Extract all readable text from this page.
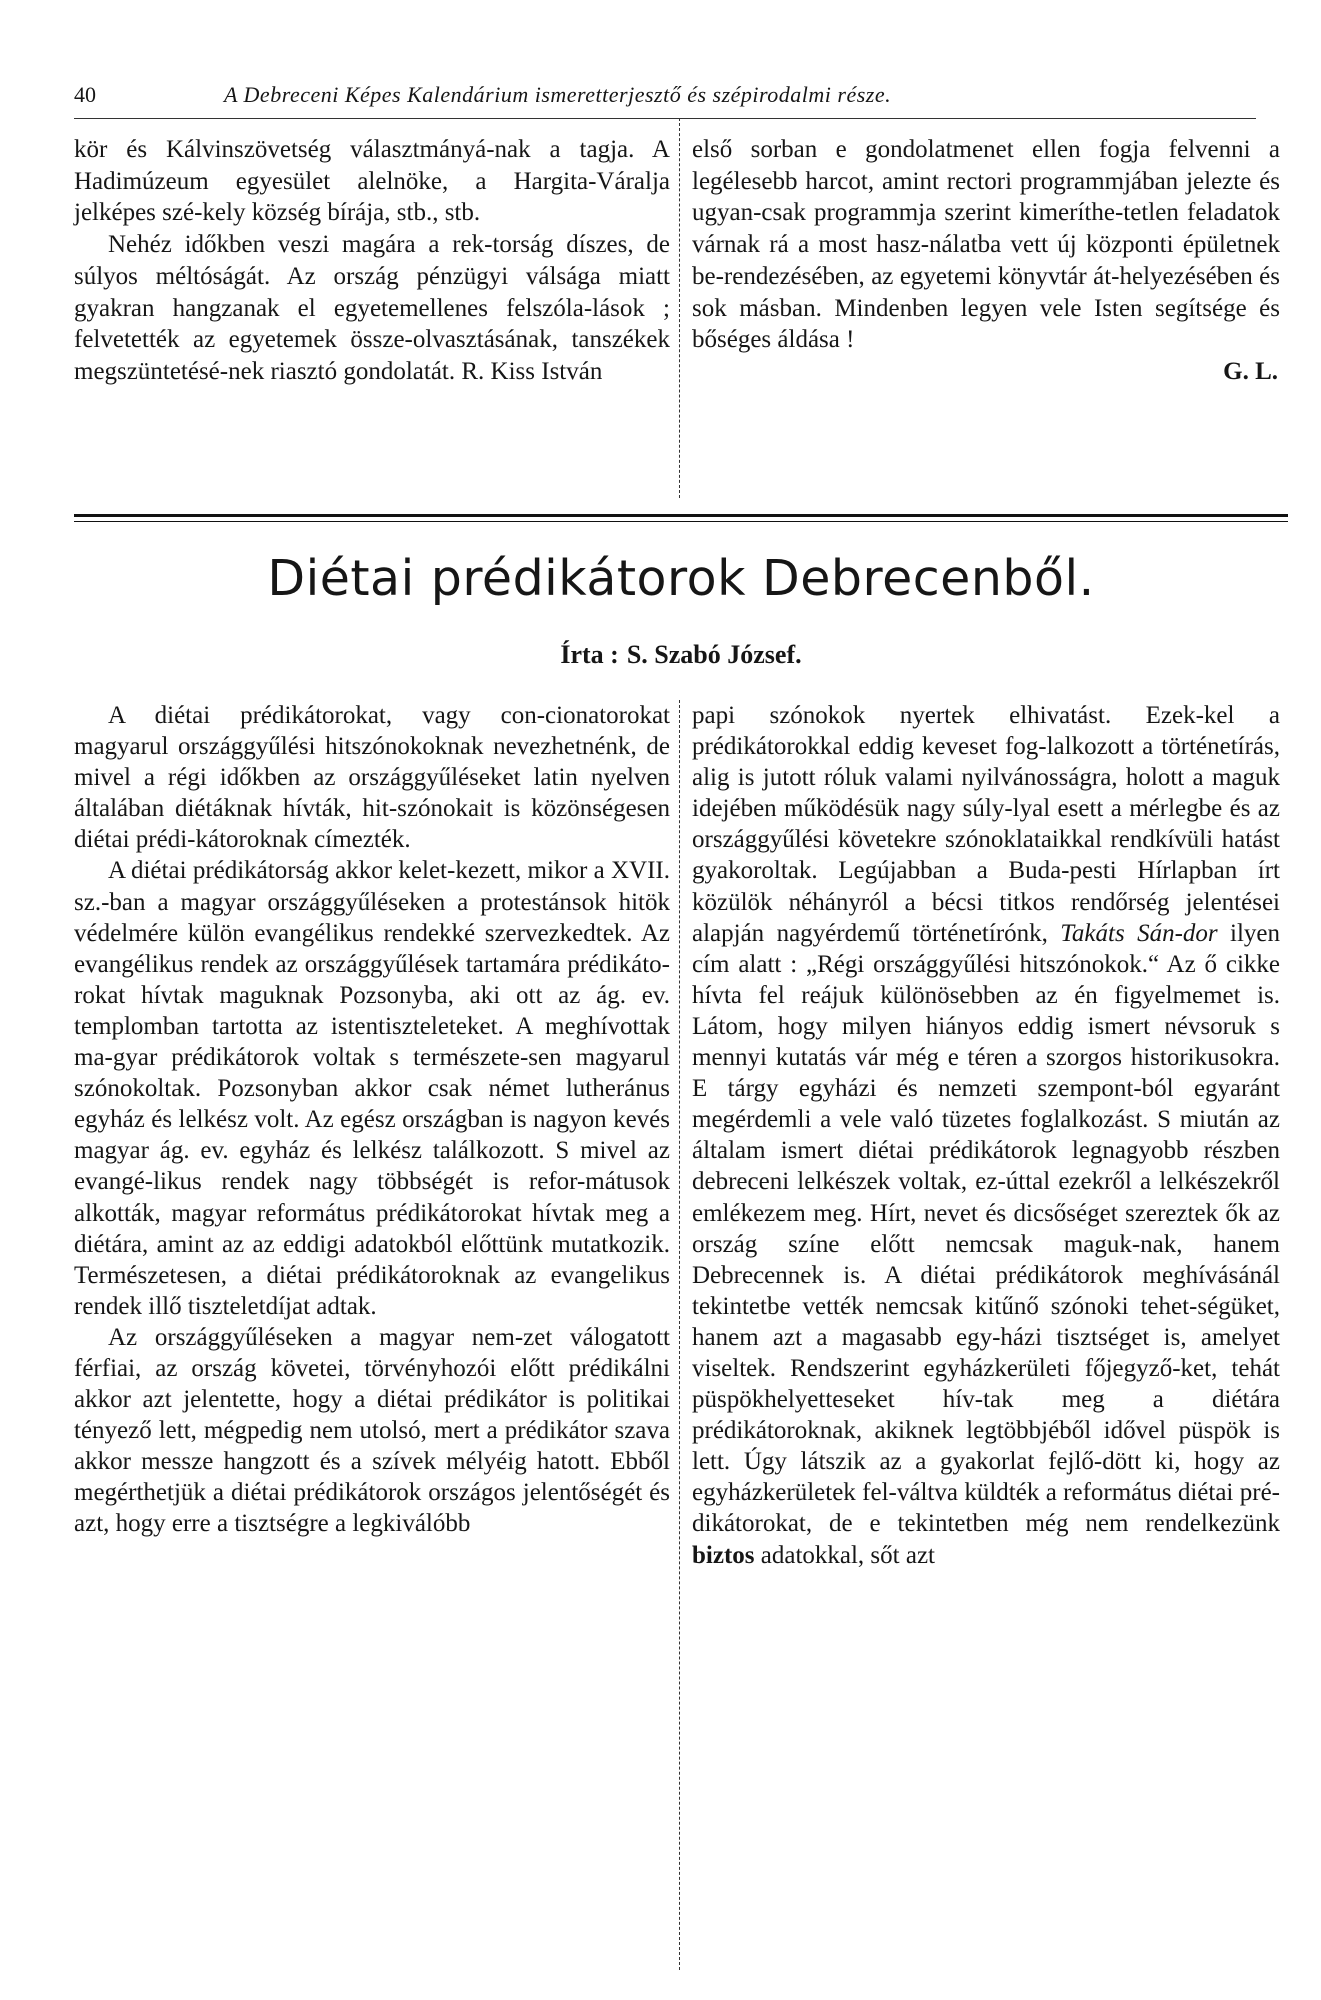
40	A Debreceni Képes Kalendárium ismeretterjesztő és szépirodalmi része.

kör és Kálvinszövetség választmányá-nak a tagja. A Hadimúzeum egyesület alelnöke, a Hargita-Váralja jelképes szé-kely község bírája, stb., stb.

Nehéz időkben veszi magára a rek-torság díszes, de súlyos méltóságát. Az ország pénzügyi válsága miatt gyakran hangzanak el egyetemellenes felszóla-lások ; felvetették az egyetemek össze-olvasztásának, tanszékek megszüntetésé-nek riasztó gondolatát. R. Kiss István

első sorban e gondolatmenet ellen fogja felvenni a legélesebb harcot, amint rectori programmjában jelezte és ugyan-csak programmja szerint kimeríthe-tetlen feladatok várnak rá a most hasz-nálatba vett új központi épületnek be-rendezésében, az egyetemi könyvtár át-helyezésében és sok másban. Mindenben legyen vele Isten segítsége és bőséges áldása !

G. L.

Diétai prédikátorok Debrecenből.
Írta : S. Szabó József.

A diétai prédikátorokat, vagy con-cionatorokat magyarul országgyűlési hitszónokoknak nevezhetnénk, de mivel a régi időkben az országgyűléseket latin nyelven általában diétáknak hívták, hit-szónokait is közönségesen diétai prédi-kátoroknak címezték.

A diétai prédikátorság akkor kelet-kezett, mikor a XVII. sz.-ban a magyar országgyűléseken a protestánsok hitök védelmére külön evangélikus rendekké szervezkedtek. Az evangélikus rendek az országgyűlések tartamára prédikáto-rokat hívtak maguknak Pozsonyba, aki ott az ág. ev. templomban tartotta az istentiszteleteket. A meghívottak ma-gyar prédikátorok voltak s természete-sen magyarul szónokoltak. Pozsonyban akkor csak német lutheránus egyház és lelkész volt. Az egész országban is nagyon kevés magyar ág. ev. egyház és lelkész találkozott. S mivel az evangé-likus rendek nagy többségét is refor-mátusok alkották, magyar református prédikátorokat hívtak meg a diétára, amint az az eddigi adatokból előttünk mutatkozik. Természetesen, a diétai prédikátoroknak az evangelikus rendek illő tiszteletdíjat adtak.

Az országgyűléseken a magyar nem-zet válogatott férfiai, az ország követei, törvényhozói előtt prédikálni akkor azt jelentette, hogy a diétai prédikátor is politikai tényező lett, mégpedig nem utolsó, mert a prédikátor szava akkor messze hangzott és a szívek mélyéig hatott. Ebből megérthetjük a diétai prédikátorok országos jelentőségét és azt, hogy erre a tisztségre a legkiválóbb

papi szónokok nyertek elhivatást. Ezek-kel a prédikátorokkal eddig keveset fog-lalkozott a történetírás, alig is jutott róluk valami nyilvánosságra, holott a maguk idejében működésük nagy súly-lyal esett a mérlegbe és az országgyűlési követekre szónoklataikkal rendkívüli hatást gyakoroltak. Legújabban a Buda-pesti Hírlapban írt közülök néhányról a bécsi titkos rendőrség jelentései alapján nagyérdemű történetírónk, Takáts Sán-dor ilyen cím alatt : „Régi országgyűlési hitszónokok.“ Az ő cikke hívta fel reájuk különösebben az én figyelmemet is. Látom, hogy milyen hiányos eddig ismert névsoruk s mennyi kutatás vár még e téren a szorgos historikusokra. E tárgy egyházi és nemzeti szempont-ból egyaránt megérdemli a vele való tüzetes foglalkozást. S miután az általam ismert diétai prédikátorok legnagyobb részben debreceni lelkészek voltak, ez-úttal ezekről a lelkészekről emlékezem meg. Hírt, nevet és dicsőséget szereztek ők az ország színe előtt nemcsak maguk-nak, hanem Debrecennek is. A diétai prédikátorok meghívásánál tekintetbe vették nemcsak kitűnő szónoki tehet-ségüket, hanem azt a magasabb egy-házi tisztséget is, amelyet viseltek. Rendszerint egyházkerületi főjegyző-ket, tehát püspökhelyetteseket hív-tak meg a diétára prédikátoroknak, akiknek legtöbbjéből idővel püspök is lett. Úgy látszik az a gyakorlat fejlő-dött ki, hogy az egyházkerületek fel-váltva küldték a református diétai pré-dikátorokat, de e tekintetben még nem rendelkezünk biztos adatokkal, sőt azt
